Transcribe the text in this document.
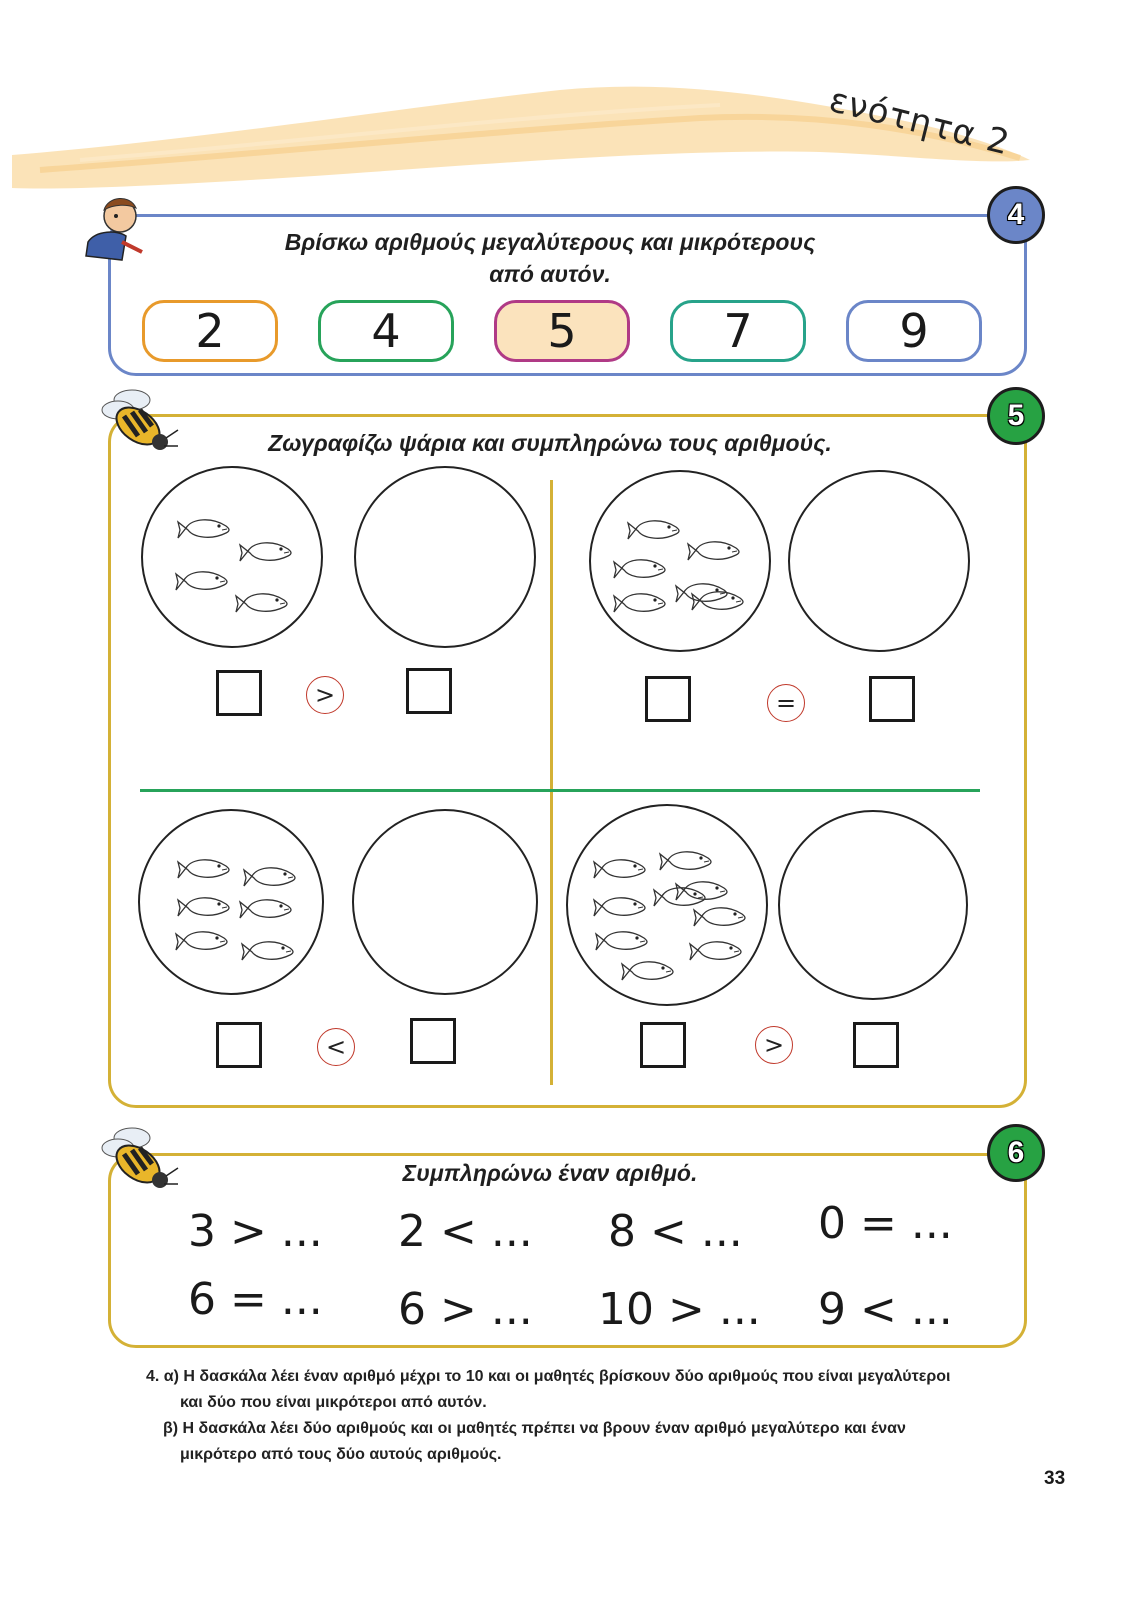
ενότητα 2
4
Βρίσκω αριθμούς μεγαλύτερους και μικρότερους
από αυτόν.
2	4	5	7	9
5
Ζωγραφίζω ψάρια και συμπληρώνω τους αριθμούς.
>	=
<	>
6
Συμπληρώνω έναν αριθμό.
3 > ... 2 < ... 8 < ... 0 = ...
6 = ... 6 > ... 10 > ... 9 < ...
4. α) Η δασκάλα λέει έναν αριθμό μέχρι το 10 και οι μαθητές βρίσκουν δύο αριθμούς που είναι μεγαλύτεροι
και δύο που είναι μικρότεροι από αυτόν.
β) Η δασκάλα λέει δύο αριθμούς και οι μαθητές πρέπει να βρουν έναν αριθμό μεγαλύτερο και έναν
μικρότερο από τους δύο αυτούς αριθμούς.
33
